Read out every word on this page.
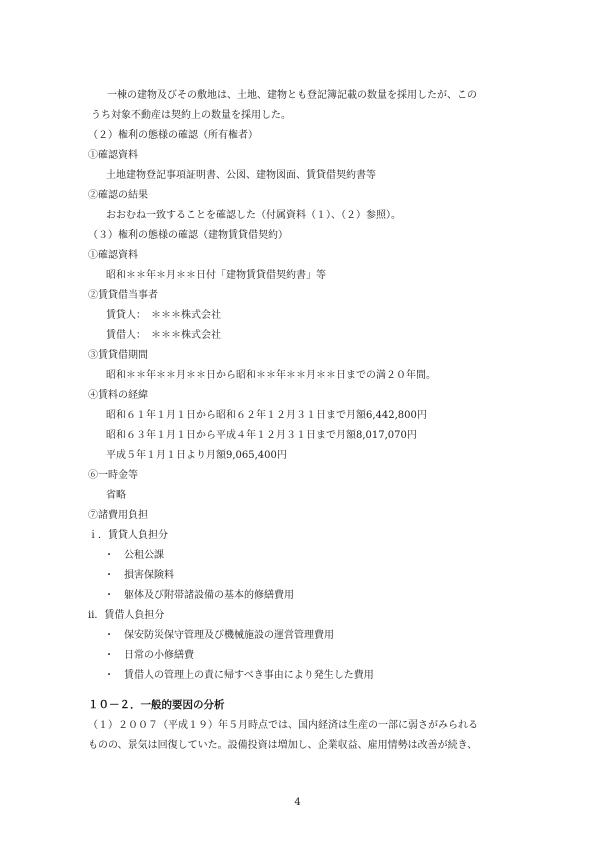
一棟の建物及びその敷地は、土地、建物とも登記簿記載の数量を採用したが、この
うち対象不動産は契約上の数量を採用した。
（２）権利の態様の確認（所有権者）
①確認資料
土地建物登記事項証明書、公図、建物図面、賃貸借契約書等
②確認の結果
おおむね一致することを確認した（付属資料（１）、（２）参照）。
（３）権利の態様の確認（建物賃貸借契約）
①確認資料
昭和＊＊年＊月＊＊日付「建物賃貸借契約書」等
②賃貸借当事者
賃貸人：　＊＊＊株式会社
賃借人：　＊＊＊株式会社
③賃貸借期間
昭和＊＊年＊＊月＊＊日から昭和＊＊年＊＊月＊＊日までの満２０年間。
④賃料の経緯
昭和６１年１月１日から昭和６２年１２月３１日まで月額6,442,800円
昭和６３年１月１日から平成４年１２月３１日まで月額8,017,070円
平成５年１月１日より月額9,065,400円
⑥一時金等
省略
⑦諸費用負担
ｉ．賃貸人負担分
・　公租公課
・　損害保険料
・　躯体及び附帯諸設備の基本的修繕費用
ⅱ．賃借人負担分
・　保安防災保守管理及び機械施設の運営管理費用
・　日常の小修繕費
・　賃借人の管理上の責に帰すべき事由により発生した費用
１０－２．一般的要因の分析
（１）２００７（平成１９）年５月時点では、国内経済は生産の一部に弱さがみられる
ものの、景気は回復していた。設備投資は増加し、企業収益、雇用情勢は改善が続き、
4
